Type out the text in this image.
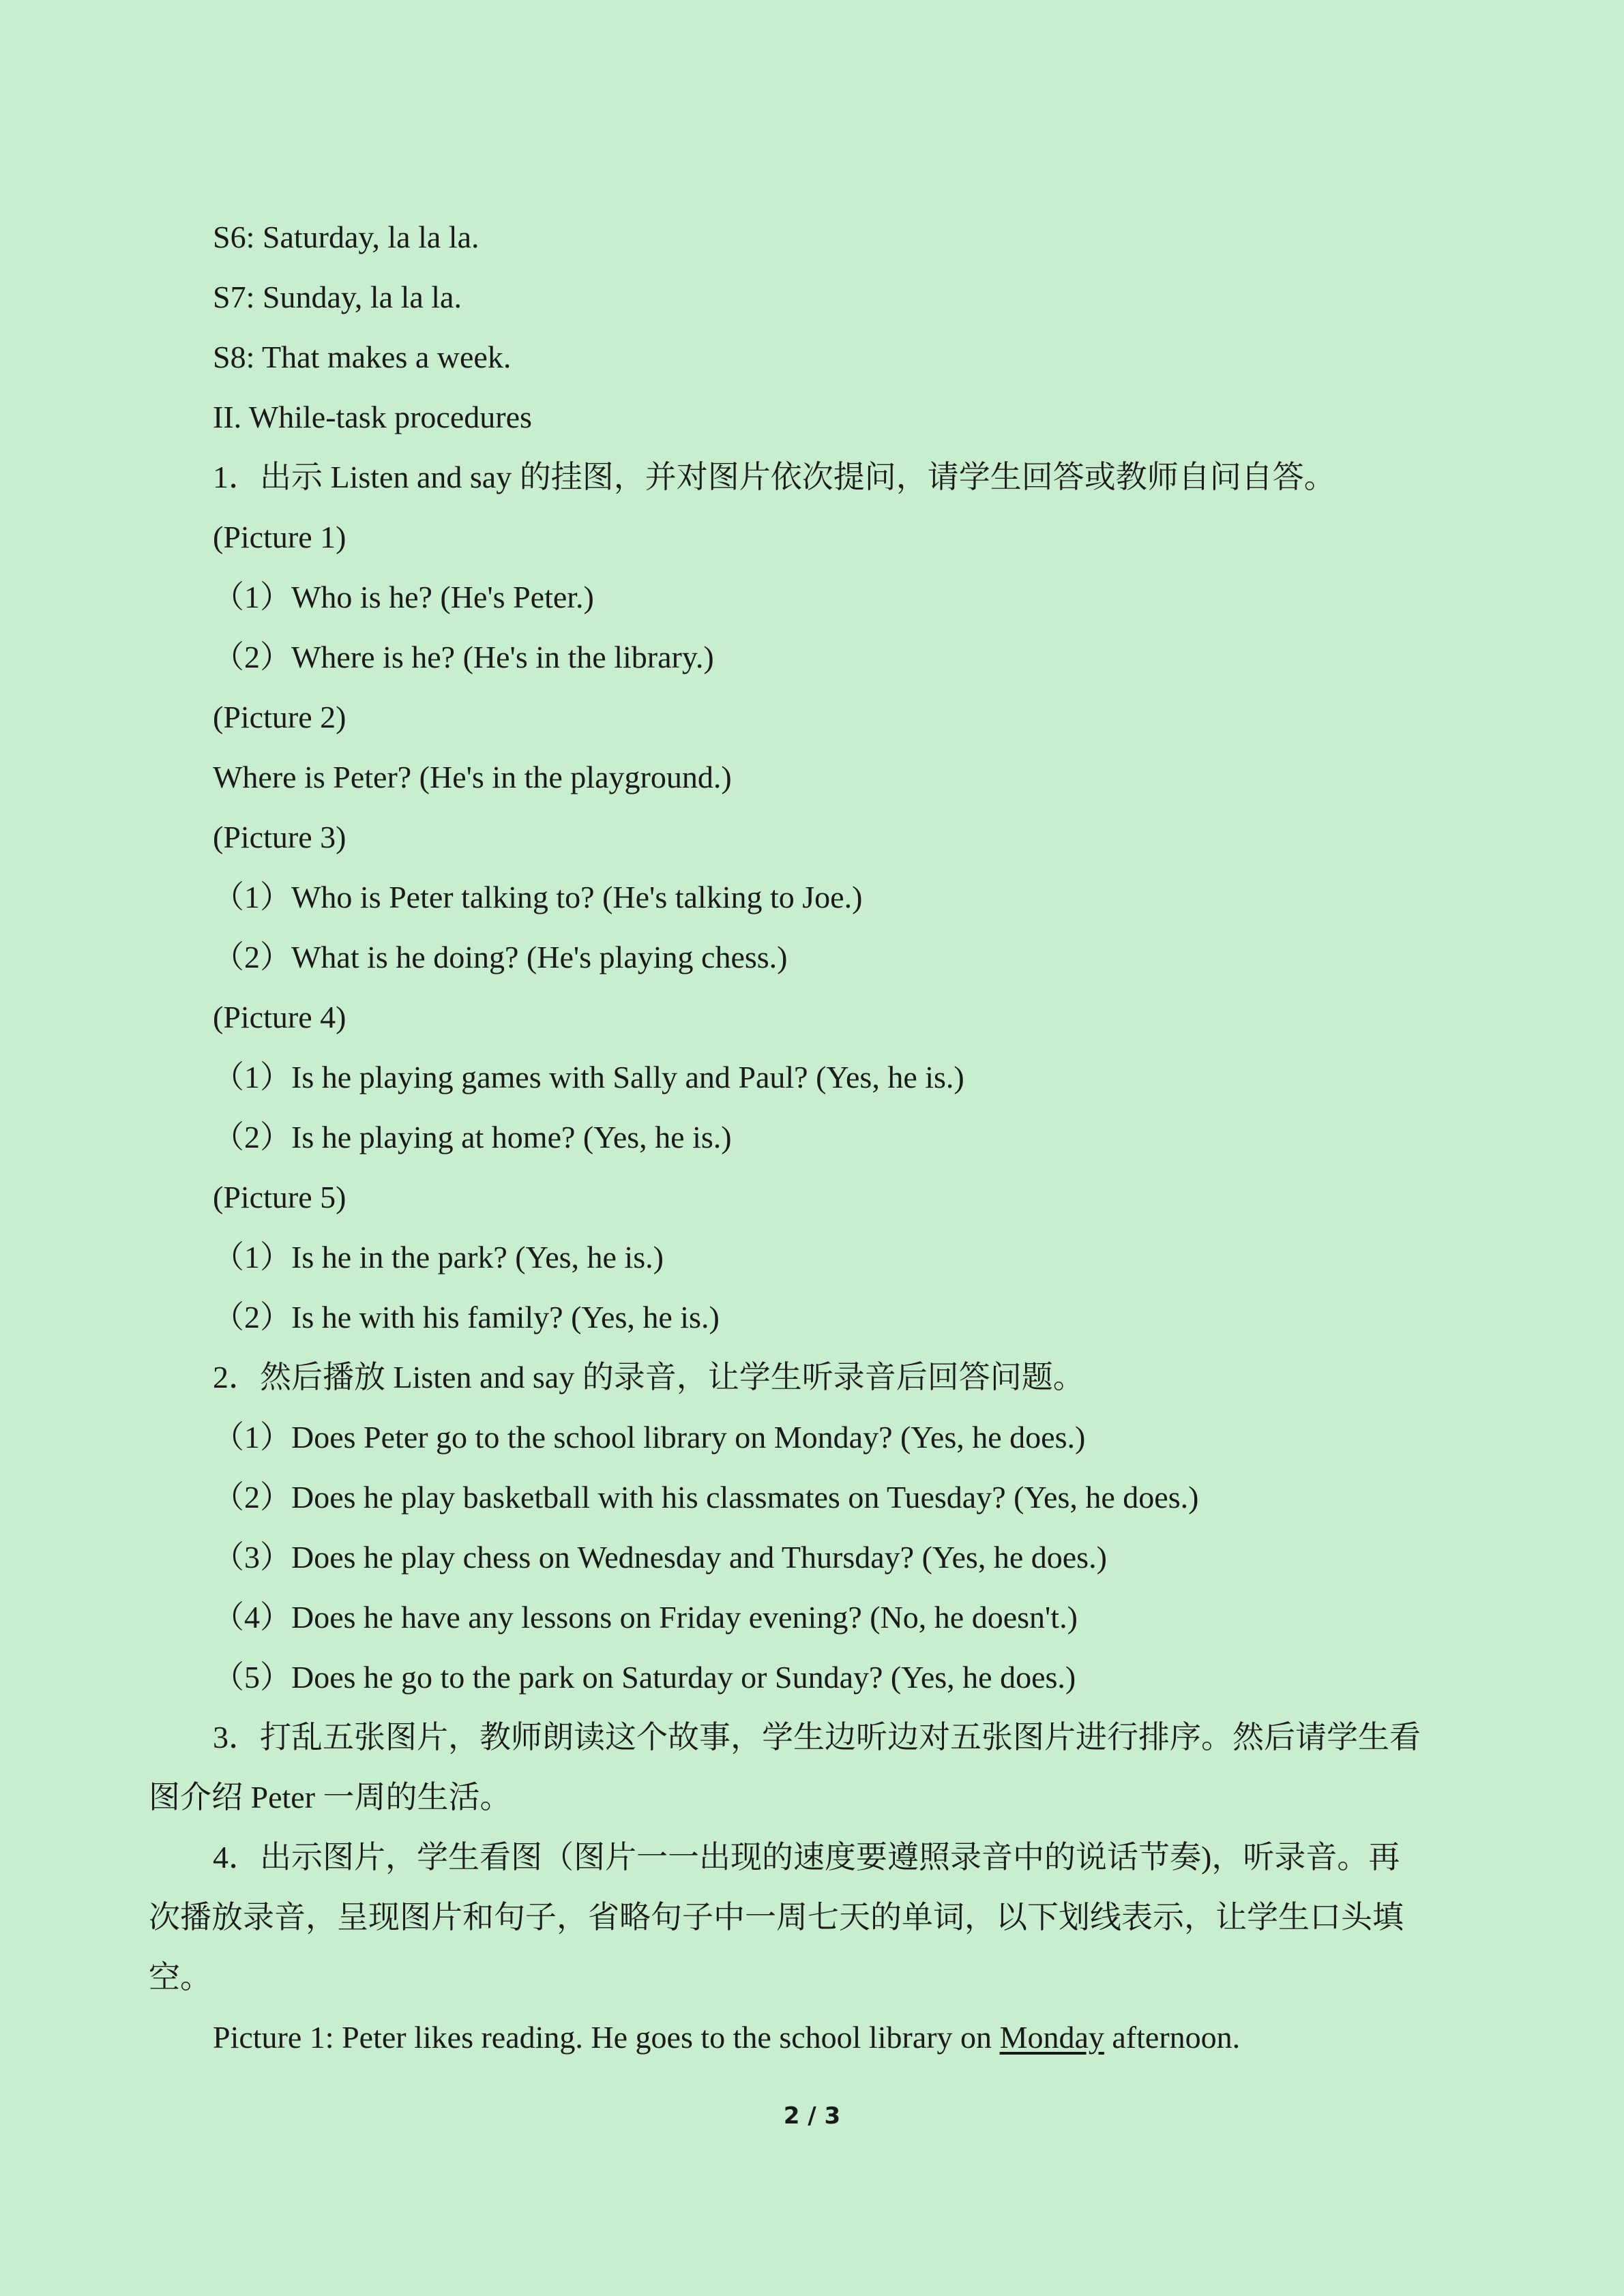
S6: Saturday, la la la.
S7: Sunday, la la la.
S8: That makes a week.
II. While-task procedures
1．出示 Listen and say 的挂图，并对图片依次提问，请学生回答或教师自问自答。
(Picture 1)
（1）Who is he? (He's Peter.)
（2）Where is he? (He's in the library.)
(Picture 2)
Where is Peter? (He's in the playground.)
(Picture 3)
（1）Who is Peter talking to? (He's talking to Joe.)
（2）What is he doing? (He's playing chess.)
(Picture 4)
（1）Is he playing games with Sally and Paul? (Yes, he is.)
（2）Is he playing at home? (Yes, he is.)
(Picture 5)
（1）Is he in the park? (Yes, he is.)
（2）Is he with his family? (Yes, he is.)
2．然后播放 Listen and say 的录音，让学生听录音后回答问题。
（1）Does Peter go to the school library on Monday? (Yes, he does.)
（2）Does he play basketball with his classmates on Tuesday? (Yes, he does.)
（3）Does he play chess on Wednesday and Thursday? (Yes, he does.)
（4）Does he have any lessons on Friday evening? (No, he doesn't.)
（5）Does he go to the park on Saturday or Sunday? (Yes, he does.)
3．打乱五张图片，教师朗读这个故事，学生边听边对五张图片进行排序。然后请学生看
图介绍 Peter 一周的生活。
4．出示图片，学生看图（图片一一出现的速度要遵照录音中的说话节奏)，听录音。再
次播放录音，呈现图片和句子，省略句子中一周七天的单词，以下划线表示，让学生口头填
空。
Picture 1: Peter likes reading. He goes to the school library on Monday afternoon.
2 / 3
